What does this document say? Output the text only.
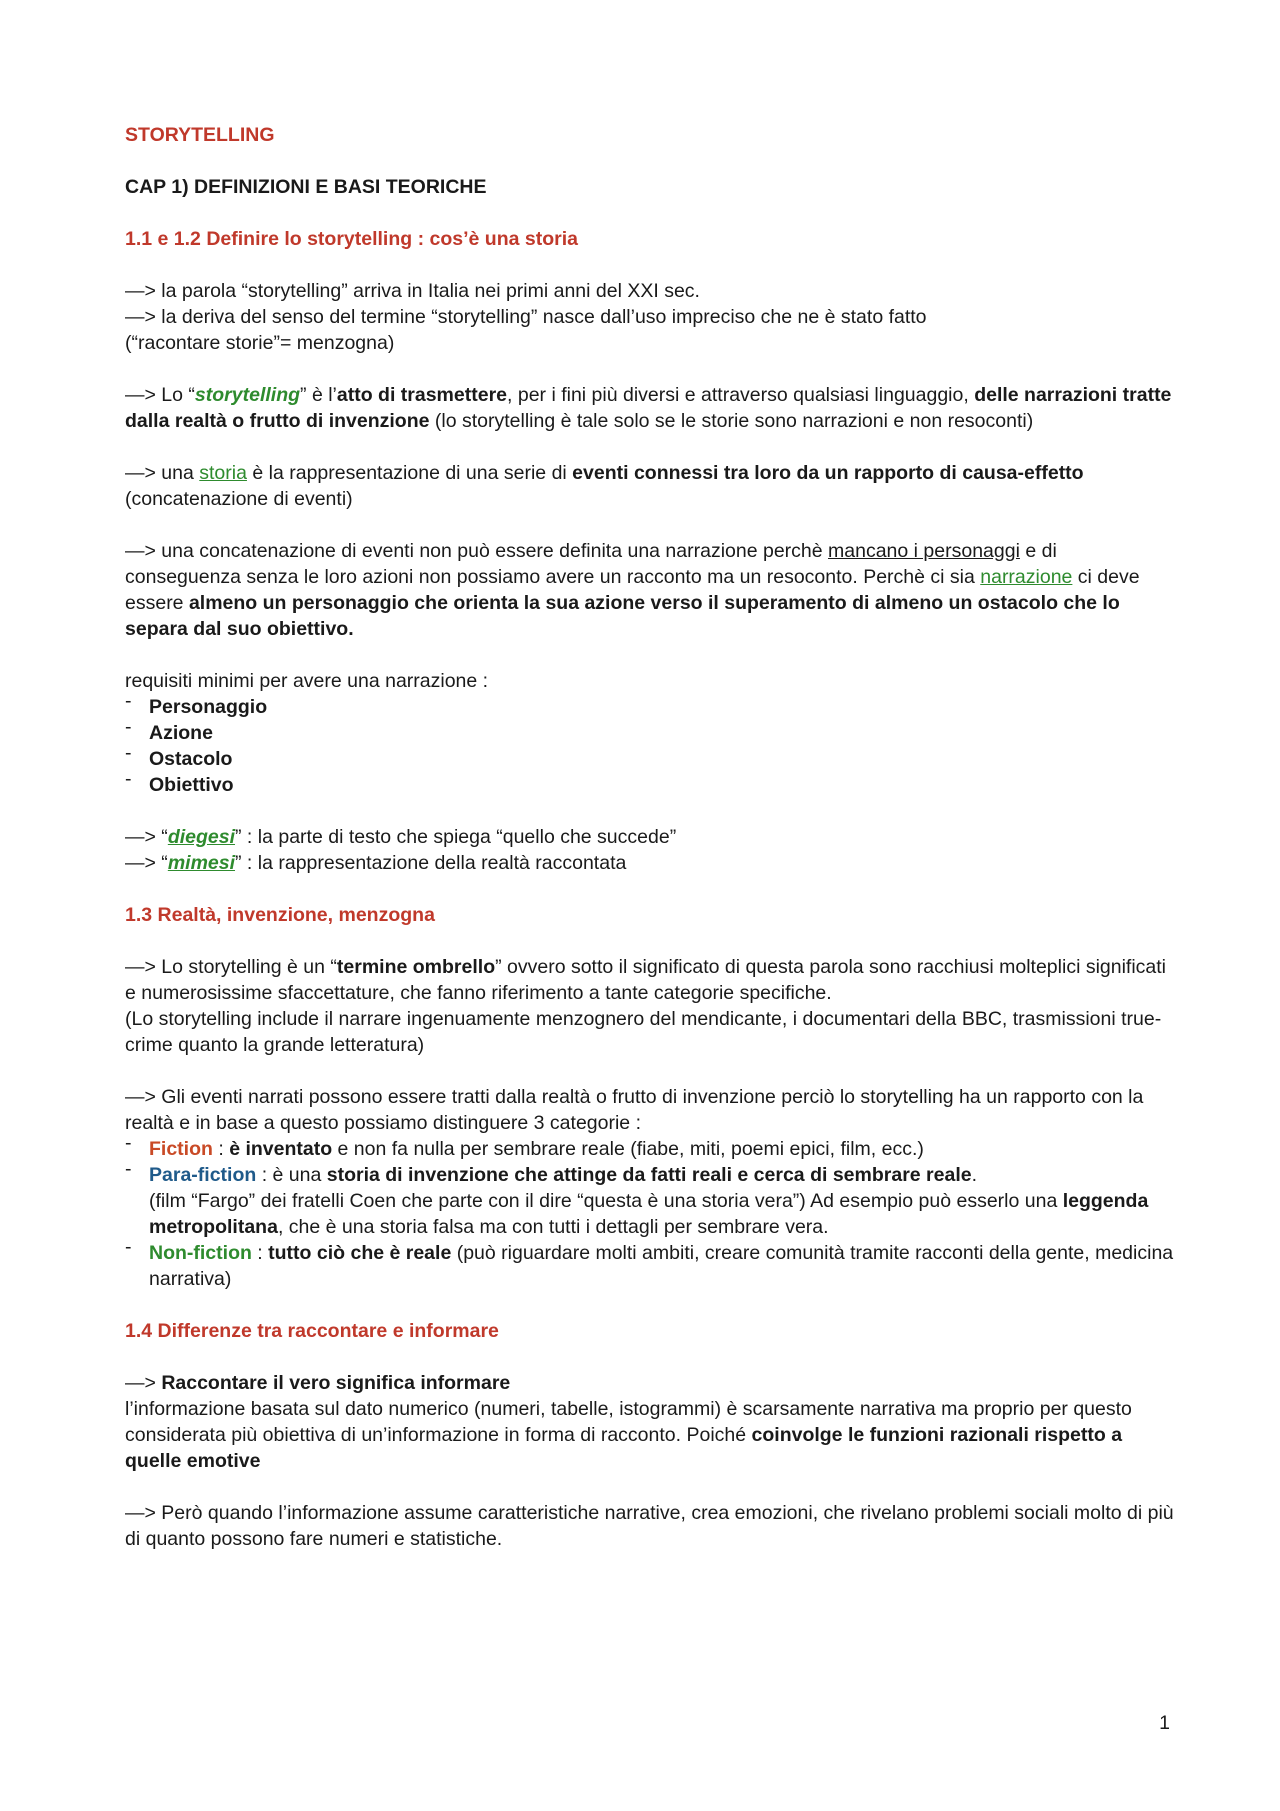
STORYTELLING

CAP 1) DEFINIZIONI E BASI TEORICHE

1.1 e 1.2 Definire lo storytelling : cos’è una storia

—> la parola “storytelling” arriva in Italia nei primi anni del XXI sec.

—> la deriva del senso del termine “storytelling” nasce dall’uso impreciso che ne è stato fatto

(“racontare storie”= menzogna)

—> Lo “storytelling” è l’atto di trasmettere, per i fini più diversi e attraverso qualsiasi linguaggio, delle narrazioni tratte dalla realtà o frutto di invenzione (lo storytelling è tale solo se le storie sono narrazioni e non resoconti)

—> una storia è la rappresentazione di una serie di eventi connessi tra loro da un rapporto di causa-effetto (concatenazione di eventi)

—> una concatenazione di eventi non può essere definita una narrazione perchè mancano i personaggi e di conseguenza senza le loro azioni non possiamo avere un racconto ma un resoconto. Perchè ci sia narrazione ci deve essere almeno un personaggio che orienta la sua azione verso il superamento di almeno un ostacolo che lo separa dal suo obiettivo.

requisiti minimi per avere una narrazione :

- Personaggio
- Azione
- Ostacolo
- Obiettivo

—> “diegesi” : la parte di testo che spiega “quello che succede”

—> “mimesi” : la rappresentazione della realtà raccontata

1.3 Realtà, invenzione, menzogna

—> Lo storytelling è un “termine ombrello” ovvero sotto il significato di questa parola sono racchiusi molteplici significati e numerosissime sfaccettature, che fanno riferimento a tante categorie specifiche.

(Lo storytelling include il narrare ingenuamente menzognero del mendicante, i documentari della BBC, trasmissioni true-crime quanto la grande letteratura)

—> Gli eventi narrati possono essere tratti dalla realtà o frutto di invenzione perciò lo storytelling ha un rapporto con la realtà e in base a questo possiamo distinguere 3 categorie :

- Fiction : è inventato e non fa nulla per sembrare reale (fiabe, miti, poemi epici, film, ecc.)
- Para-fiction : è una storia di invenzione che attinge da fatti reali e cerca di sembrare reale.
(film “Fargo” dei fratelli Coen che parte con il dire “questa è una storia vera”) Ad esempio può esserlo una leggenda metropolitana, che è una storia falsa ma con tutti i dettagli per sembrare vera.
- Non-fiction : tutto ciò che è reale (può riguardare molti ambiti, creare comunità tramite racconti della gente, medicina narrativa)

1.4 Differenze tra raccontare e informare

—> Raccontare il vero significa informare

l’informazione basata sul dato numerico (numeri, tabelle, istogrammi) è scarsamente narrativa ma proprio per questo considerata più obiettiva di un’informazione in forma di racconto. Poiché coinvolge le funzioni razionali rispetto a quelle emotive

—> Però quando l’informazione assume caratteristiche narrative, crea emozioni, che rivelano problemi sociali molto di più di quanto possono fare numeri e statistiche.

1
